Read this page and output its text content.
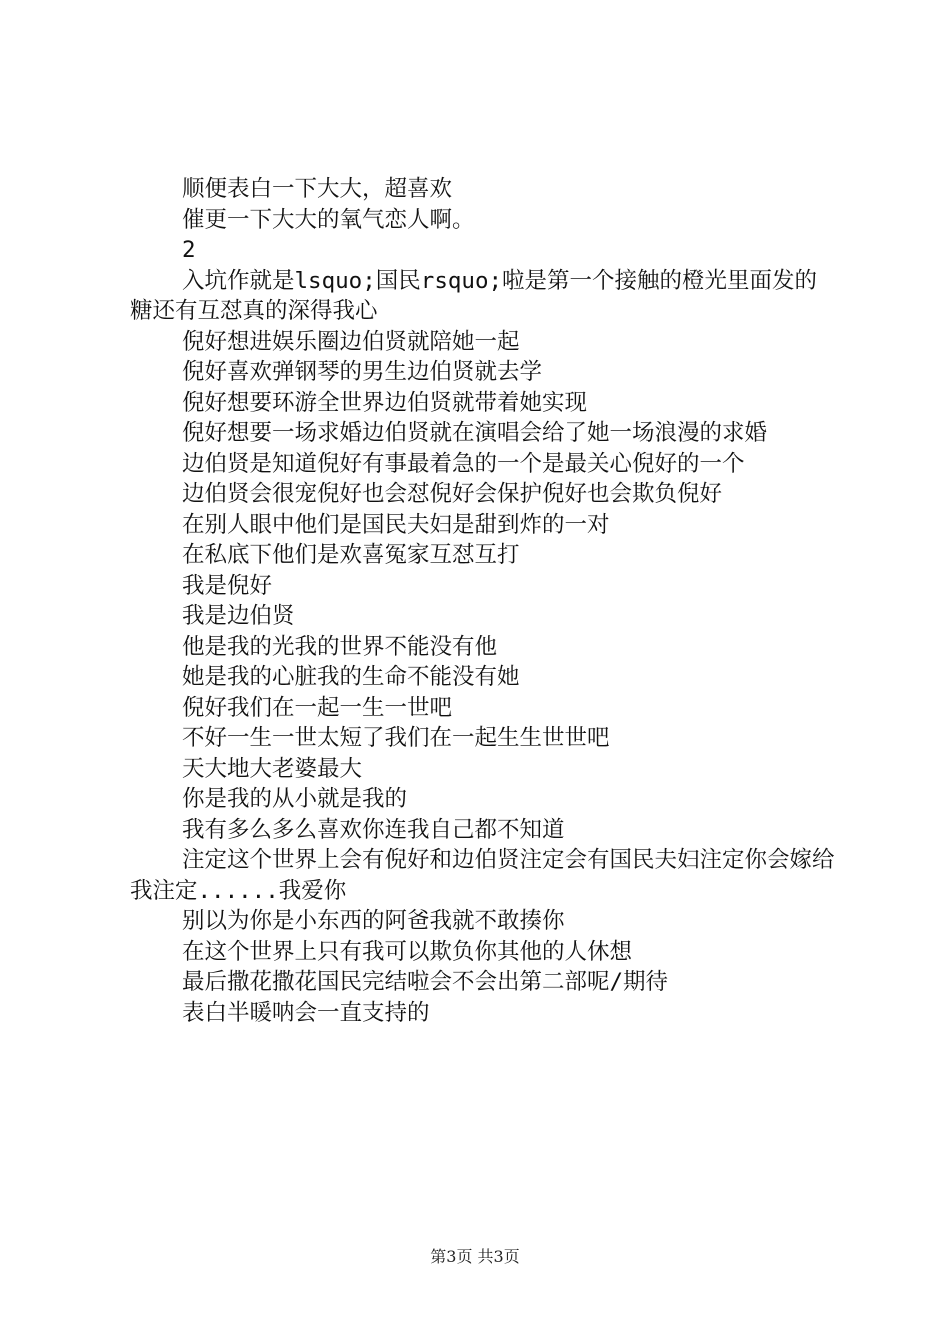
顺便表白一下大大，超喜欢

催更一下大大的氧气恋人啊。

2

入坑作就是lsquo;国民rsquo;啦是第一个接触的橙光里面发的糖还有互怼真的深得我心

倪好想进娱乐圈边伯贤就陪她一起

倪好喜欢弹钢琴的男生边伯贤就去学

倪好想要环游全世界边伯贤就带着她实现

倪好想要一场求婚边伯贤就在演唱会给了她一场浪漫的求婚

边伯贤是知道倪好有事最着急的一个是最关心倪好的一个

边伯贤会很宠倪好也会怼倪好会保护倪好也会欺负倪好

在别人眼中他们是国民夫妇是甜到炸的一对

在私底下他们是欢喜冤家互怼互打

我是倪好

我是边伯贤

他是我的光我的世界不能没有他

她是我的心脏我的生命不能没有她

倪好我们在一起一生一世吧

不好一生一世太短了我们在一起生生世世吧

天大地大老婆最大

你是我的从小就是我的

我有多么多么喜欢你连我自己都不知道

注定这个世界上会有倪好和边伯贤注定会有国民夫妇注定你会嫁给我注定......我爱你

别以为你是小东西的阿爸我就不敢揍你

在这个世界上只有我可以欺负你其他的人休想

最后撒花撒花国民完结啦会不会出第二部呢/期待

表白半暖呐会一直支持的

第3页 共3页
